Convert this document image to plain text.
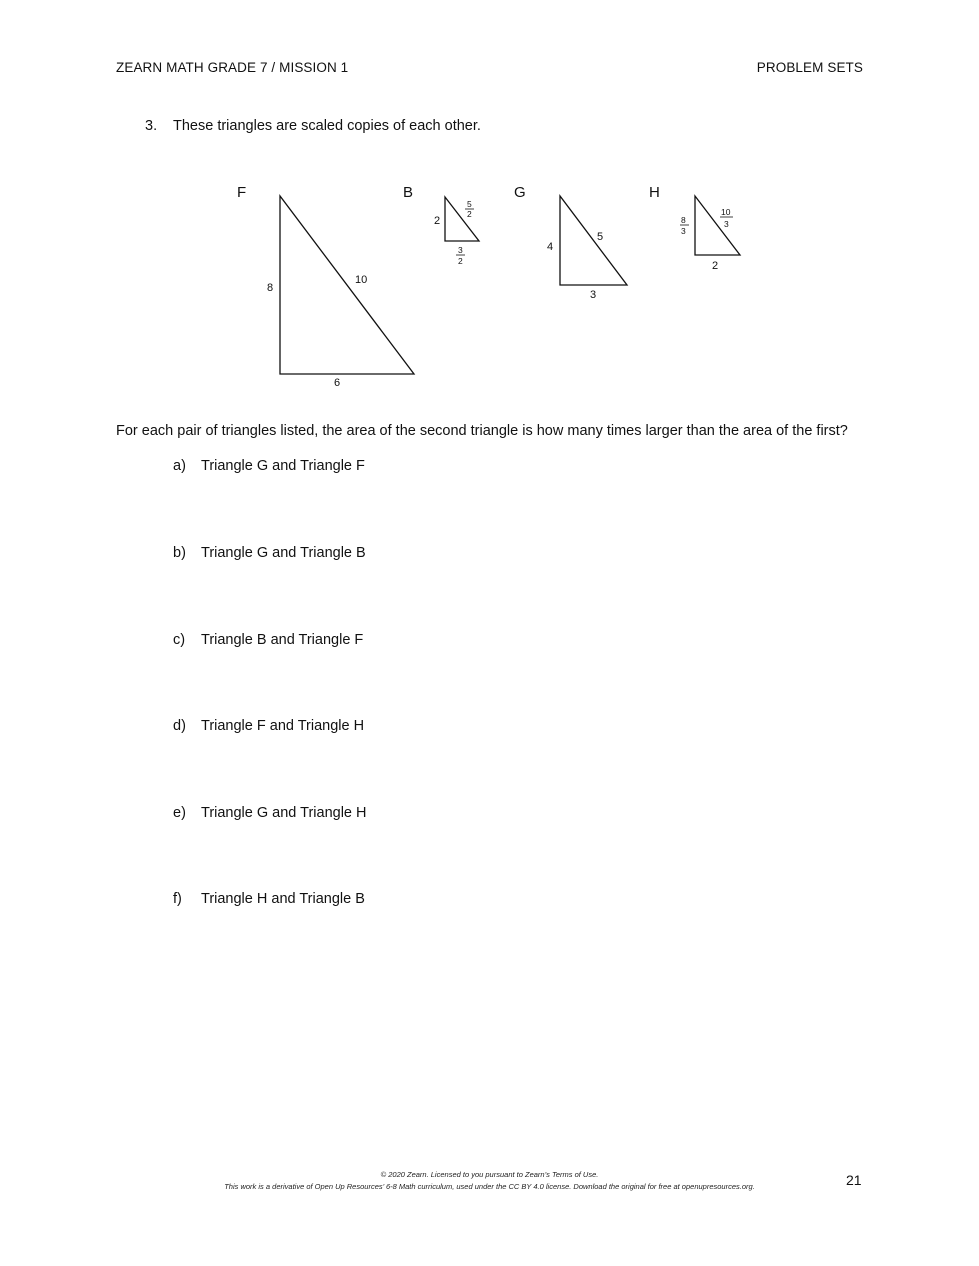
ZEARN MATH GRADE 7 / MISSION 1	PROBLEM SETS
3. These triangles are scaled copies of each other.
F	B	G	H
8
10
6
2
5
2
3
2
4
5
3
8
3
10
3
2
For each pair of triangles listed, the area of the second triangle is how many times larger than the area of the first?
a) Triangle G and Triangle F
b) Triangle G and Triangle B
c) Triangle B and Triangle F
d) Triangle F and Triangle H
e) Triangle G and Triangle H
f) Triangle H and Triangle B
© 2020 Zearn. Licensed to you pursuant to Zearn’s Terms of Use.
This work is a derivative of Open Up Resources’ 6-8 Math curriculum, used under the CC BY 4.0 license. Download the original for free at openupresources.org.	21
